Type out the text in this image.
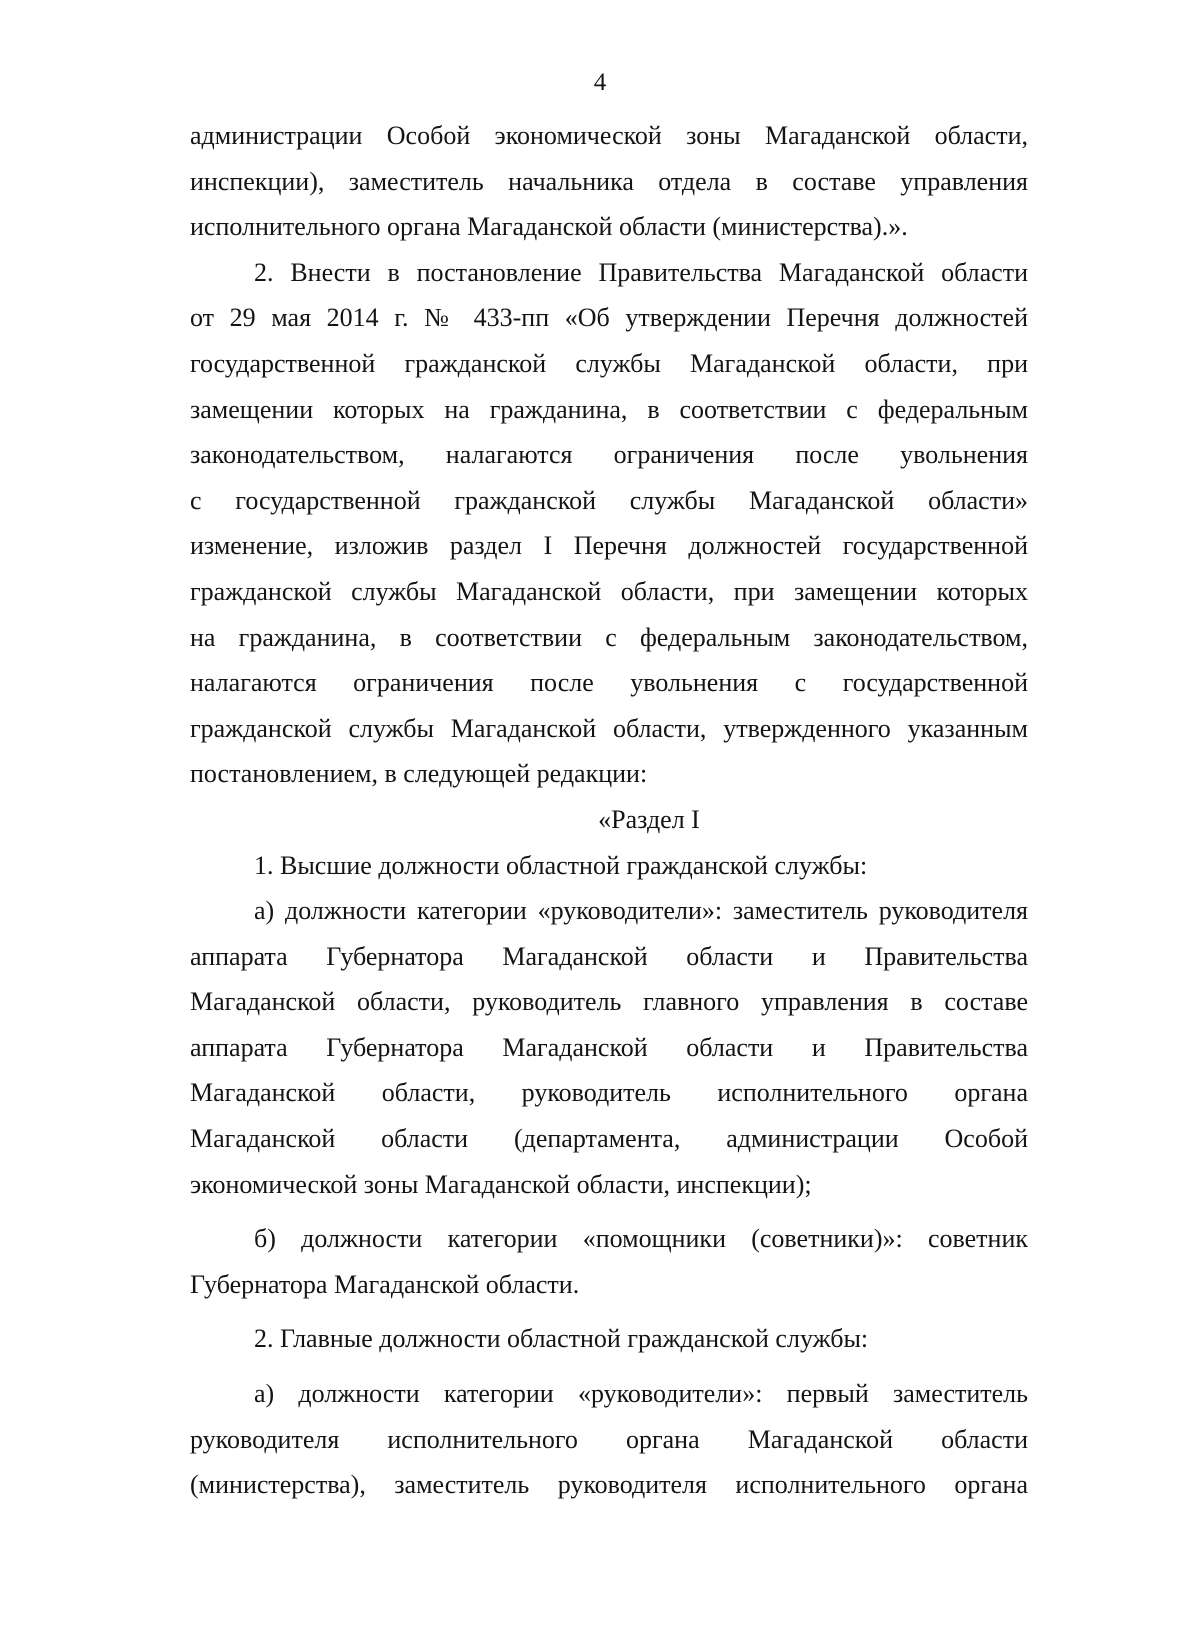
4
администрации Особой экономической зоны Магаданской области,
инспекции), заместитель начальника отдела в составе управления
исполнительного органа Магаданской области (министерства).».
2. Внести в постановление Правительства Магаданской области
от 29 мая 2014 г. № 433-пп «Об утверждении Перечня должностей
государственной гражданской службы Магаданской области, при
замещении которых на гражданина, в соответствии с федеральным
законодательством, налагаются ограничения после увольнения
с государственной гражданской службы Магаданской области»
изменение, изложив раздел I Перечня должностей государственной
гражданской службы Магаданской области, при замещении которых
на гражданина, в соответствии с федеральным законодательством,
налагаются ограничения после увольнения с государственной
гражданской службы Магаданской области, утвержденного указанным
постановлением, в следующей редакции:
«Раздел I
1. Высшие должности областной гражданской службы:
а) должности категории «руководители»: заместитель руководителя
аппарата Губернатора Магаданской области и Правительства
Магаданской области, руководитель главного управления в составе
аппарата Губернатора Магаданской области и Правительства
Магаданской области, руководитель исполнительного органа
Магаданской области (департамента, администрации Особой
экономической зоны Магаданской области, инспекции);
б) должности категории «помощники (советники)»: советник
Губернатора Магаданской области.
2. Главные должности областной гражданской службы:
а) должности категории «руководители»: первый заместитель
руководителя исполнительного органа Магаданской области
(министерства), заместитель руководителя исполнительного органа
